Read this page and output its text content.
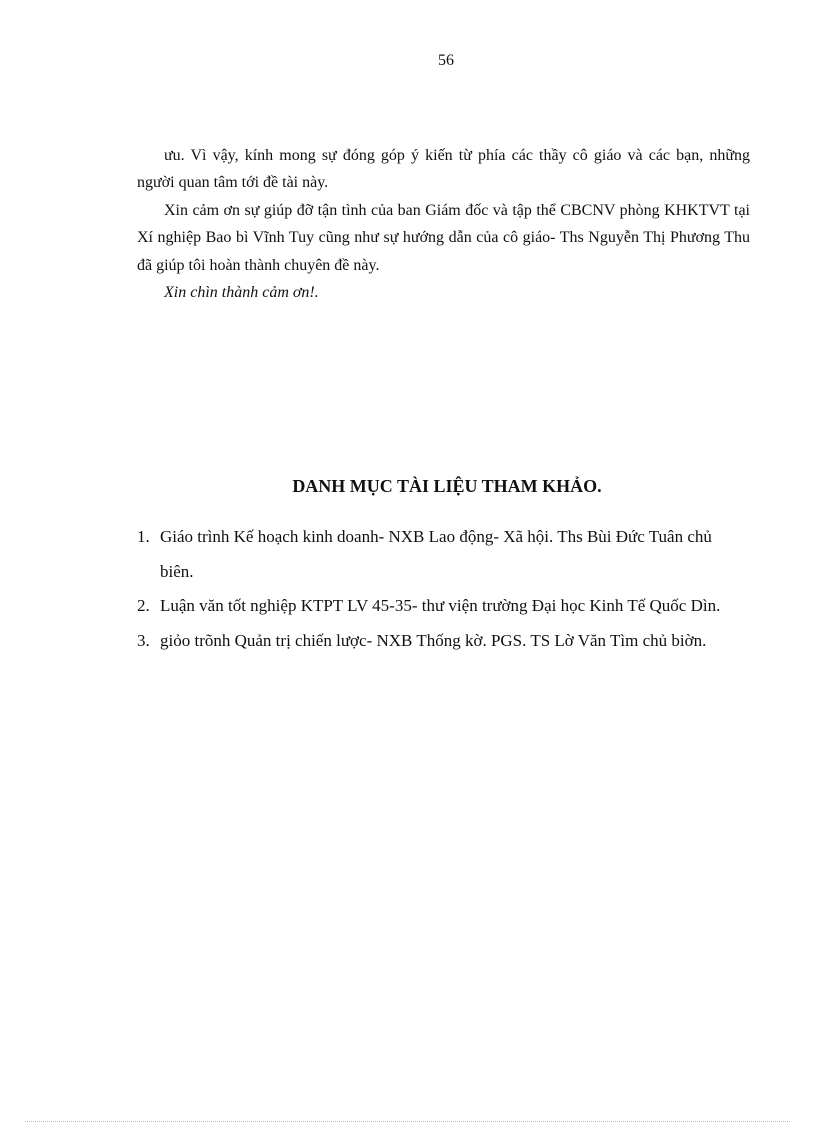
56

ưu. Vì vậy, kính mong sự đóng góp ý kiến từ phía các thầy cô giáo và các bạn, những người quan tâm tới đề tài này.

Xin cảm ơn sự giúp đỡ tận tình của ban Giám đốc và tập thể CBCNV phòng KHKTVT tại Xí nghiệp Bao bì Vĩnh Tuy cũng như sự hướng dẫn của cô giáo- Ths Nguyễn Thị Phương Thu đã giúp tôi hoàn thành chuyên đề này.

Xin chìn thành cảm ơn!.

DANH MỤC TÀI LIỆU THAM KHẢO.
1. Giáo trình Kế hoạch kinh doanh- NXB Lao động- Xã hội. Ths Bùi Đức Tuân chủ biên.
2. Luận văn tốt nghiệp KTPT LV 45-35- thư viện trường Đại học Kinh Tế Quốc Dìn.
3. giỏo trõnh Quản trị chiến lược- NXB Thống kờ. PGS. TS Lờ Văn Tìm chủ biờn.
